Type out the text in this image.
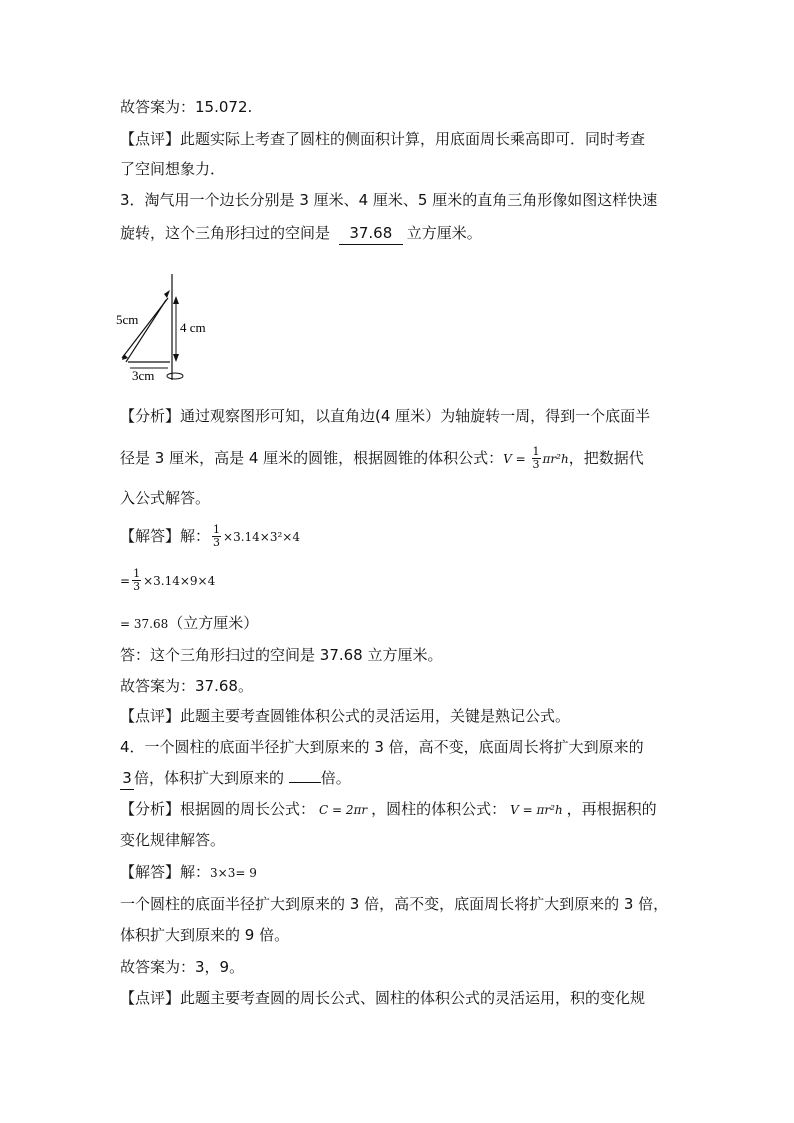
故答案为：15.072.
【点评】此题实际上考查了圆柱的侧面积计算，用底面周长乘高即可．同时考查
了空间想象力．
3．淘气用一个边长分别是 3 厘米、4 厘米、5 厘米的直角三角形像如图这样快速
旋转，这个三角形扫过的空间是 37.68 立方厘米。
5cm
4 cm
3cm
【分析】通过观察图形可知，以直角边(4 厘米）为轴旋转一周，得到一个底面半
径是 3 厘米，高是 4 厘米的圆锥，根据圆锥的体积公式：$V = \frac{1}{3} \pi r^2h$，把数据代
入公式解答。
【解答】解： $\frac{1}{3} \times 3.14\times 3^2\times 4$
= $\frac{1}{3} \times 3.14\times 9\times 4$
= 37.68（立方厘米）
答：这个三角形扫过的空间是 37.68 立方厘米。
故答案为：37.68。
【点评】此题主要考查圆锥体积公式的灵活运用，关键是熟记公式。
4．一个圆柱的底面半径扩大到原来的 3 倍，高不变，底面周长将扩大到原来的
3 倍，体积扩大到原来的 倍。
【分析】根据圆的周长公式： C = 2πr ，圆柱的体积公式： V = πr²h ，再根据积的
变化规律解答。
【解答】解：3×3= 9
一个圆柱的底面半径扩大到原来的 3 倍，高不变，底面周长将扩大到原来的 3 倍，
体积扩大到原来的 9 倍。
故答案为：3，9。
【点评】此题主要考查圆的周长公式、圆柱的体积公式的灵活运用，积的变化规
